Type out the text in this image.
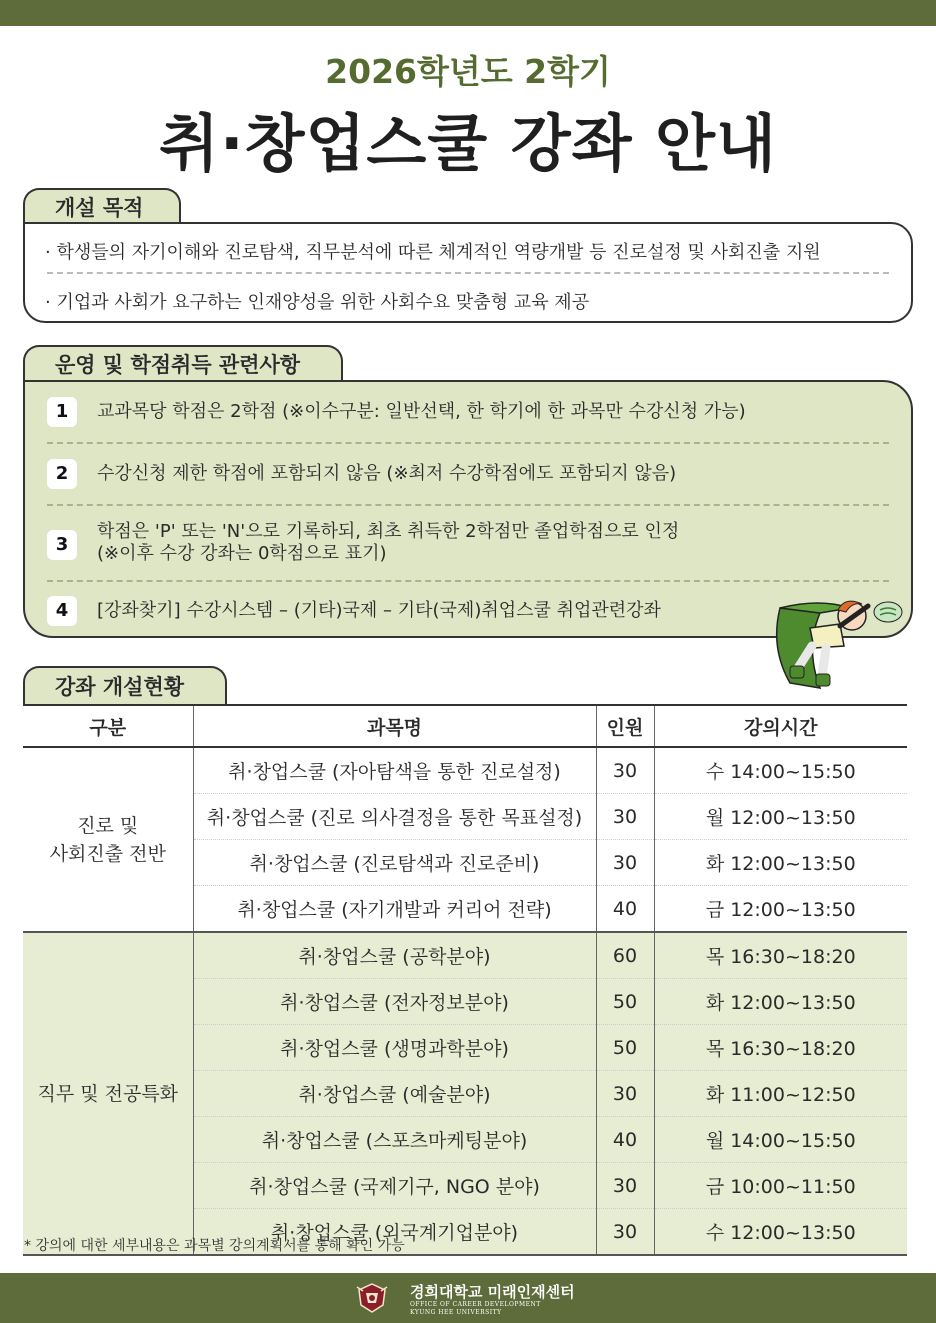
2026학년도 2학기
취·창업스쿨 강좌 안내
개설 목적
· 학생들의 자기이해와 진로탐색, 직무분석에 따른 체계적인 역량개발 등 진로설정 및 사회진출 지원
· 기업과 사회가 요구하는 인재양성을 위한 사회수요 맞춤형 교육 제공
운영 및 학점취득 관련사항
1	교과목당 학점은 2학점 (※이수구분: 일반선택, 한 학기에 한 과목만 수강신청 가능)
2	수강신청 제한 학점에 포함되지 않음 (※최저 수강학점에도 포함되지 않음)
3
학점은 'P' 또는 'N'으로 기록하되, 최초 취득한 2학점만 졸업학점으로 인정
(※이후 수강 강좌는 0학점으로 표기)
4	[강좌찾기] 수강시스템 – (기타)국제 – 기타(국제)취업스쿨 취업관련강좌
강좌 개설현황
구분	과목명	인원	강의시간

진로 및
사회진출 전반	취·창업스쿨 (자아탐색을 통한 진로설정)	30	수 14:00~15:50
	취·창업스쿨 (진로 의사결정을 통한 목표설정)	30	월 12:00~13:50
	취·창업스쿨 (진로탐색과 진로준비)	30	화 12:00~13:50
	취·창업스쿨 (자기개발과 커리어 전략)	40	금 12:00~13:50

직무 및 전공특화	취·창업스쿨 (공학분야)	60	목 16:30~18:20
	취·창업스쿨 (전자정보분야)	50	화 12:00~13:50
	취·창업스쿨 (생명과학분야)	50	목 16:30~18:20
	취·창업스쿨 (예술분야)	30	화 11:00~12:50
	취·창업스쿨 (스포츠마케팅분야)	40	월 14:00~15:50
	취·창업스쿨 (국제기구, NGO 분야)	30	금 10:00~11:50
	취·창업스쿨 (외국계기업분야)	30	수 12:00~13:50
* 강의에 대한 세부내용은 과목별 강의계획서를 통해 확인 가능
경희대학교 미래인재센터
OFFICE OF CAREER DEVELOPMENT
KYUNG HEE UNIVERSITY
